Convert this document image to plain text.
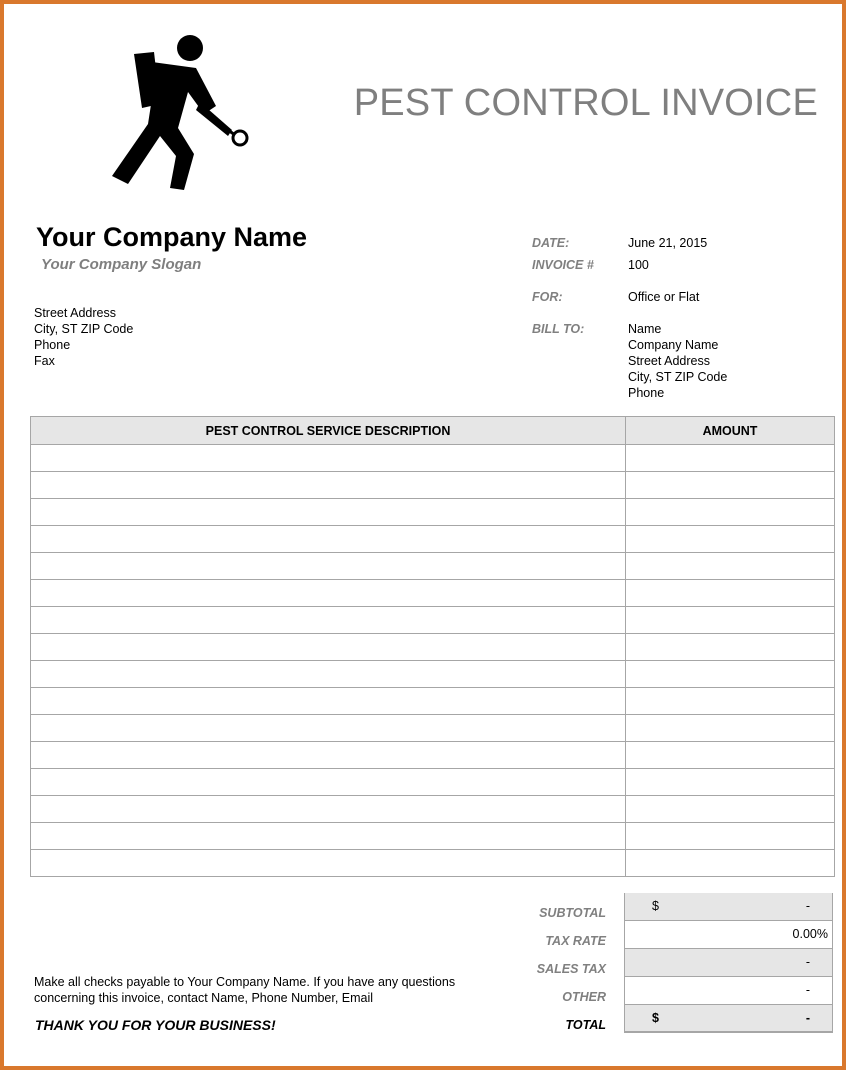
PEST CONTROL INVOICE
Your Company Name
Your Company Slogan
Street Address
City, ST ZIP Code
Phone
Fax
DATE:	June 21, 2015
INVOICE #	100
FOR:	Office or Flat
BILL TO:	Name
Company Name
Street Address
City, ST ZIP Code
Phone
PEST CONTROL SERVICE DESCRIPTION	AMOUNT

SUBTOTAL	$	-
TAX RATE	0.00%
SALES TAX	-
OTHER	-
TOTAL	$	-
Make all checks payable to Your Company Name. If you have any questions
concerning this invoice, contact Name, Phone Number, Email
THANK YOU FOR YOUR BUSINESS!
